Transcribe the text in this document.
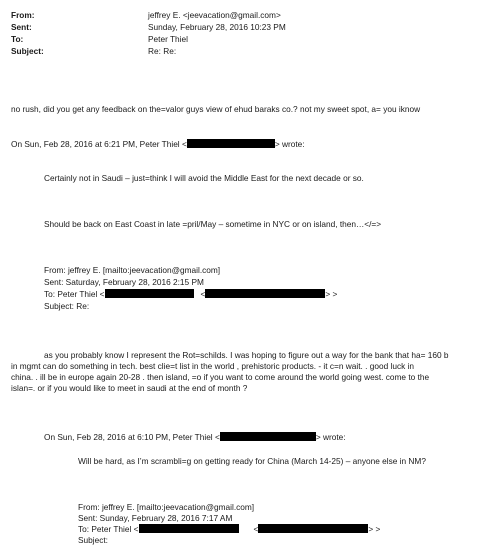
From:	jeffrey E. <jeevacation@gmail.com>
Sent:	Sunday, February 28, 2016 10:23 PM
To:	Peter Thiel
Subject:	Re: Re:
no rush, did you get any feedback on the=valor guys view of ehud baraks co.? not my sweet spot, a= you iknow
On Sun, Feb 28, 2016 at 6:21 PM, Peter Thiel <	> wrote:
Certainly not in Saudi – just=think I will avoid the Middle East for the next decade or so.
Should be back on East Coast in late =pril/May – sometime in NYC or on island, then…</=>
From: jeffrey E. [mailto:jeevacation@gmail.com]
Sent: Saturday, February 28, 2016 2:15 PM
To: Peter Thiel <	<	> >
Subject: Re:
as you probably know I represent the Rot=schilds. I was hoping to figure out a way for the bank that ha= 160 b
in mgmt can do something in tech. best clie=t list in the world , prehistoric products. - it c=n wait. . good luck in
china. . ill be in europe again 20-28 . then island, =o if you want to come around the world going west. come to the
islan=. or if you would like to meet in saudi at the end of month ?
On Sun, Feb 28, 2016 at 6:10 PM, Peter Thiel <	> wrote:
Will be hard, as I’m scrambli=g on getting ready for China (March 14-25) – anyone else in NM?
From: jeffrey E. [mailto:jeevacation@gmail.com]
Sent: Sunday, February 28, 2016 7:17 AM
To: Peter Thiel <	<	> >
Subject:
